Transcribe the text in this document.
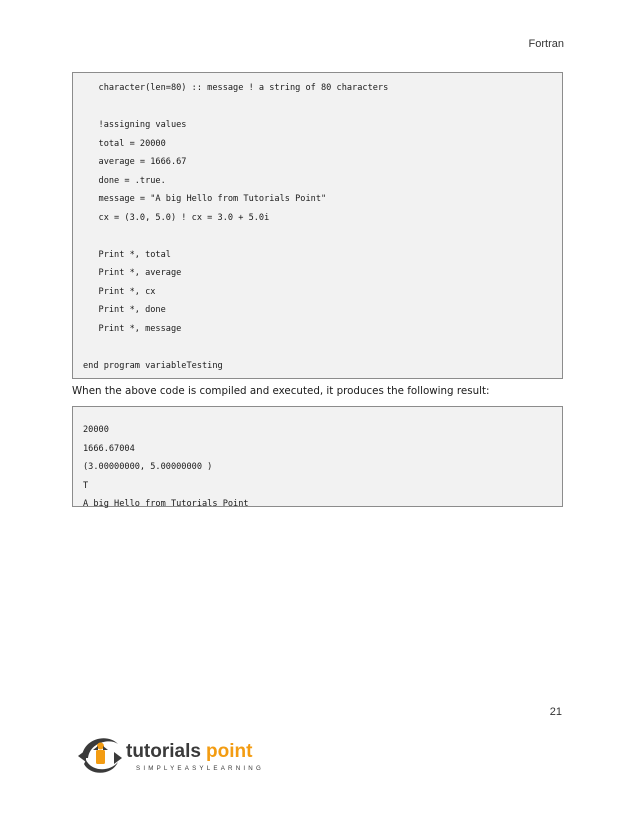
Fortran
character(len=80) :: message ! a string of 80 characters
!assigning values
total = 20000
average = 1666.67
done = .true.
message = "A big Hello from Tutorials Point"
cx = (3.0, 5.0) ! cx = 3.0 + 5.0i
Print *, total
Print *, average
Print *, cx
Print *, done
Print *, message
end program variableTesting
When the above code is compiled and executed, it produces the following result:
20000
1666.67004
(3.00000000, 5.00000000 )
T
A big Hello from Tutorials Point
21
tutorials point
SIMPLYEASYLEARNING
